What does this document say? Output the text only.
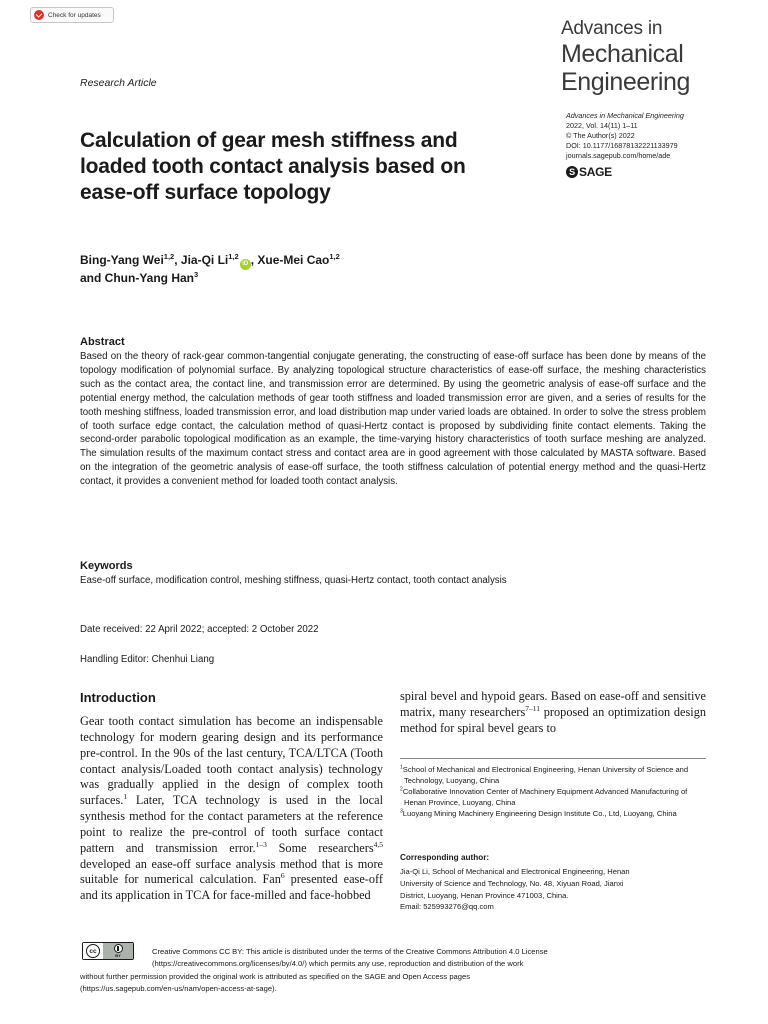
Check for updates
Advances in
Mechanical
Engineering
Research Article
Calculation of gear mesh stiffness and loaded tooth contact analysis based on ease-off surface topology
Advances in Mechanical Engineering
2022, Vol. 14(11) 1–11
© The Author(s) 2022
DOI: 10.1177/16878132221133979
journals.sagepub.com/home/ade
S SAGE
Bing-Yang Wei$^{1,2}$, Jia-Qi Li$^{1,2}$iD , Xue-Mei Cao$^{1,2}$
and Chun-Yang Han$^3$
Abstract

Based on the theory of rack-gear common-tangential conjugate generating, the constructing of ease-off surface has been done by means of the topology modification of polynomial surface. By analyzing topological structure characteristics of ease-off surface, the meshing characteristics such as the contact area, the contact line, and transmission error are determined. By using the geometric analysis of ease-off surface and the potential energy method, the calculation methods of gear tooth stiffness and loaded transmission error are given, and a series of results for the tooth meshing stiffness, loaded transmission error, and load distribution map under varied loads are obtained. In order to solve the stress problem of tooth surface edge contact, the calculation method of quasi-Hertz contact is proposed by subdividing finite contact elements. Taking the second-order parabolic topological modification as an example, the time-varying history characteristics of tooth surface meshing are analyzed. The simulation results of the maximum contact stress and contact area are in good agreement with those calculated by MASTA software. Based on the integration of the geometric analysis of ease-off surface, the tooth stiffness calculation of potential energy method and the quasi-Hertz contact, it provides a convenient method for loaded tooth contact analysis.

Keywords

Ease-off surface, modification control, meshing stiffness, quasi-Hertz contact, tooth contact analysis

Date received: 22 April 2022; accepted: 2 October 2022
Handling Editor: Chenhui Liang
Introduction

Gear tooth contact simulation has become an indispensable technology for modern gearing design and its performance pre-control. In the 90s of the last century, TCA/LTCA (Tooth contact analysis/Loaded tooth contact analysis) technology was gradually applied in the design of complex tooth surfaces.$^1$ Later, TCA technology is used in the local synthesis method for the contact parameters at the reference point to realize the pre-control of tooth surface contact pattern and transmission error.$^{1-3}$ Some researchers$^{4,5}$ developed an ease-off surface analysis method that is more suitable for numerical calculation. Fan$^6$ presented ease-off and its application in TCA for face-milled and face-hobbed

spiral bevel and hypoid gears. Based on ease-off and sensitive matrix, many researchers$^{7-11}$ proposed an optimization design method for spiral bevel gears to

$^1$School of Mechanical and Electronical Engineering, Henan University of Science and Technology, Luoyang, China
$^2$Collaborative Innovation Center of Machinery Equipment Advanced Manufacturing of Henan Province, Luoyang, China
$^3$Luoyang Mining Machinery Engineering Design Institute Co., Ltd, Luoyang, China
Corresponding author:
Jia-Qi Li, School of Mechanical and Electronical Engineering, Henan
University of Science and Technology, No. 48, Xiyuan Road, Jianxi
District, Luoyang, Henan Province 471003, China.
Email: 525993276@qq.com
cc
BY	Creative Commons CC BY: This article is distributed under the terms of the Creative Commons Attribution 4.0 License
(https://creativecommons.org/licenses/by/4.0/) which permits any use, reproduction and distribution of the work
without further permission provided the original work is attributed as specified on the SAGE and Open Access pages
(https://us.sagepub.com/en-us/nam/open-access-at-sage).
